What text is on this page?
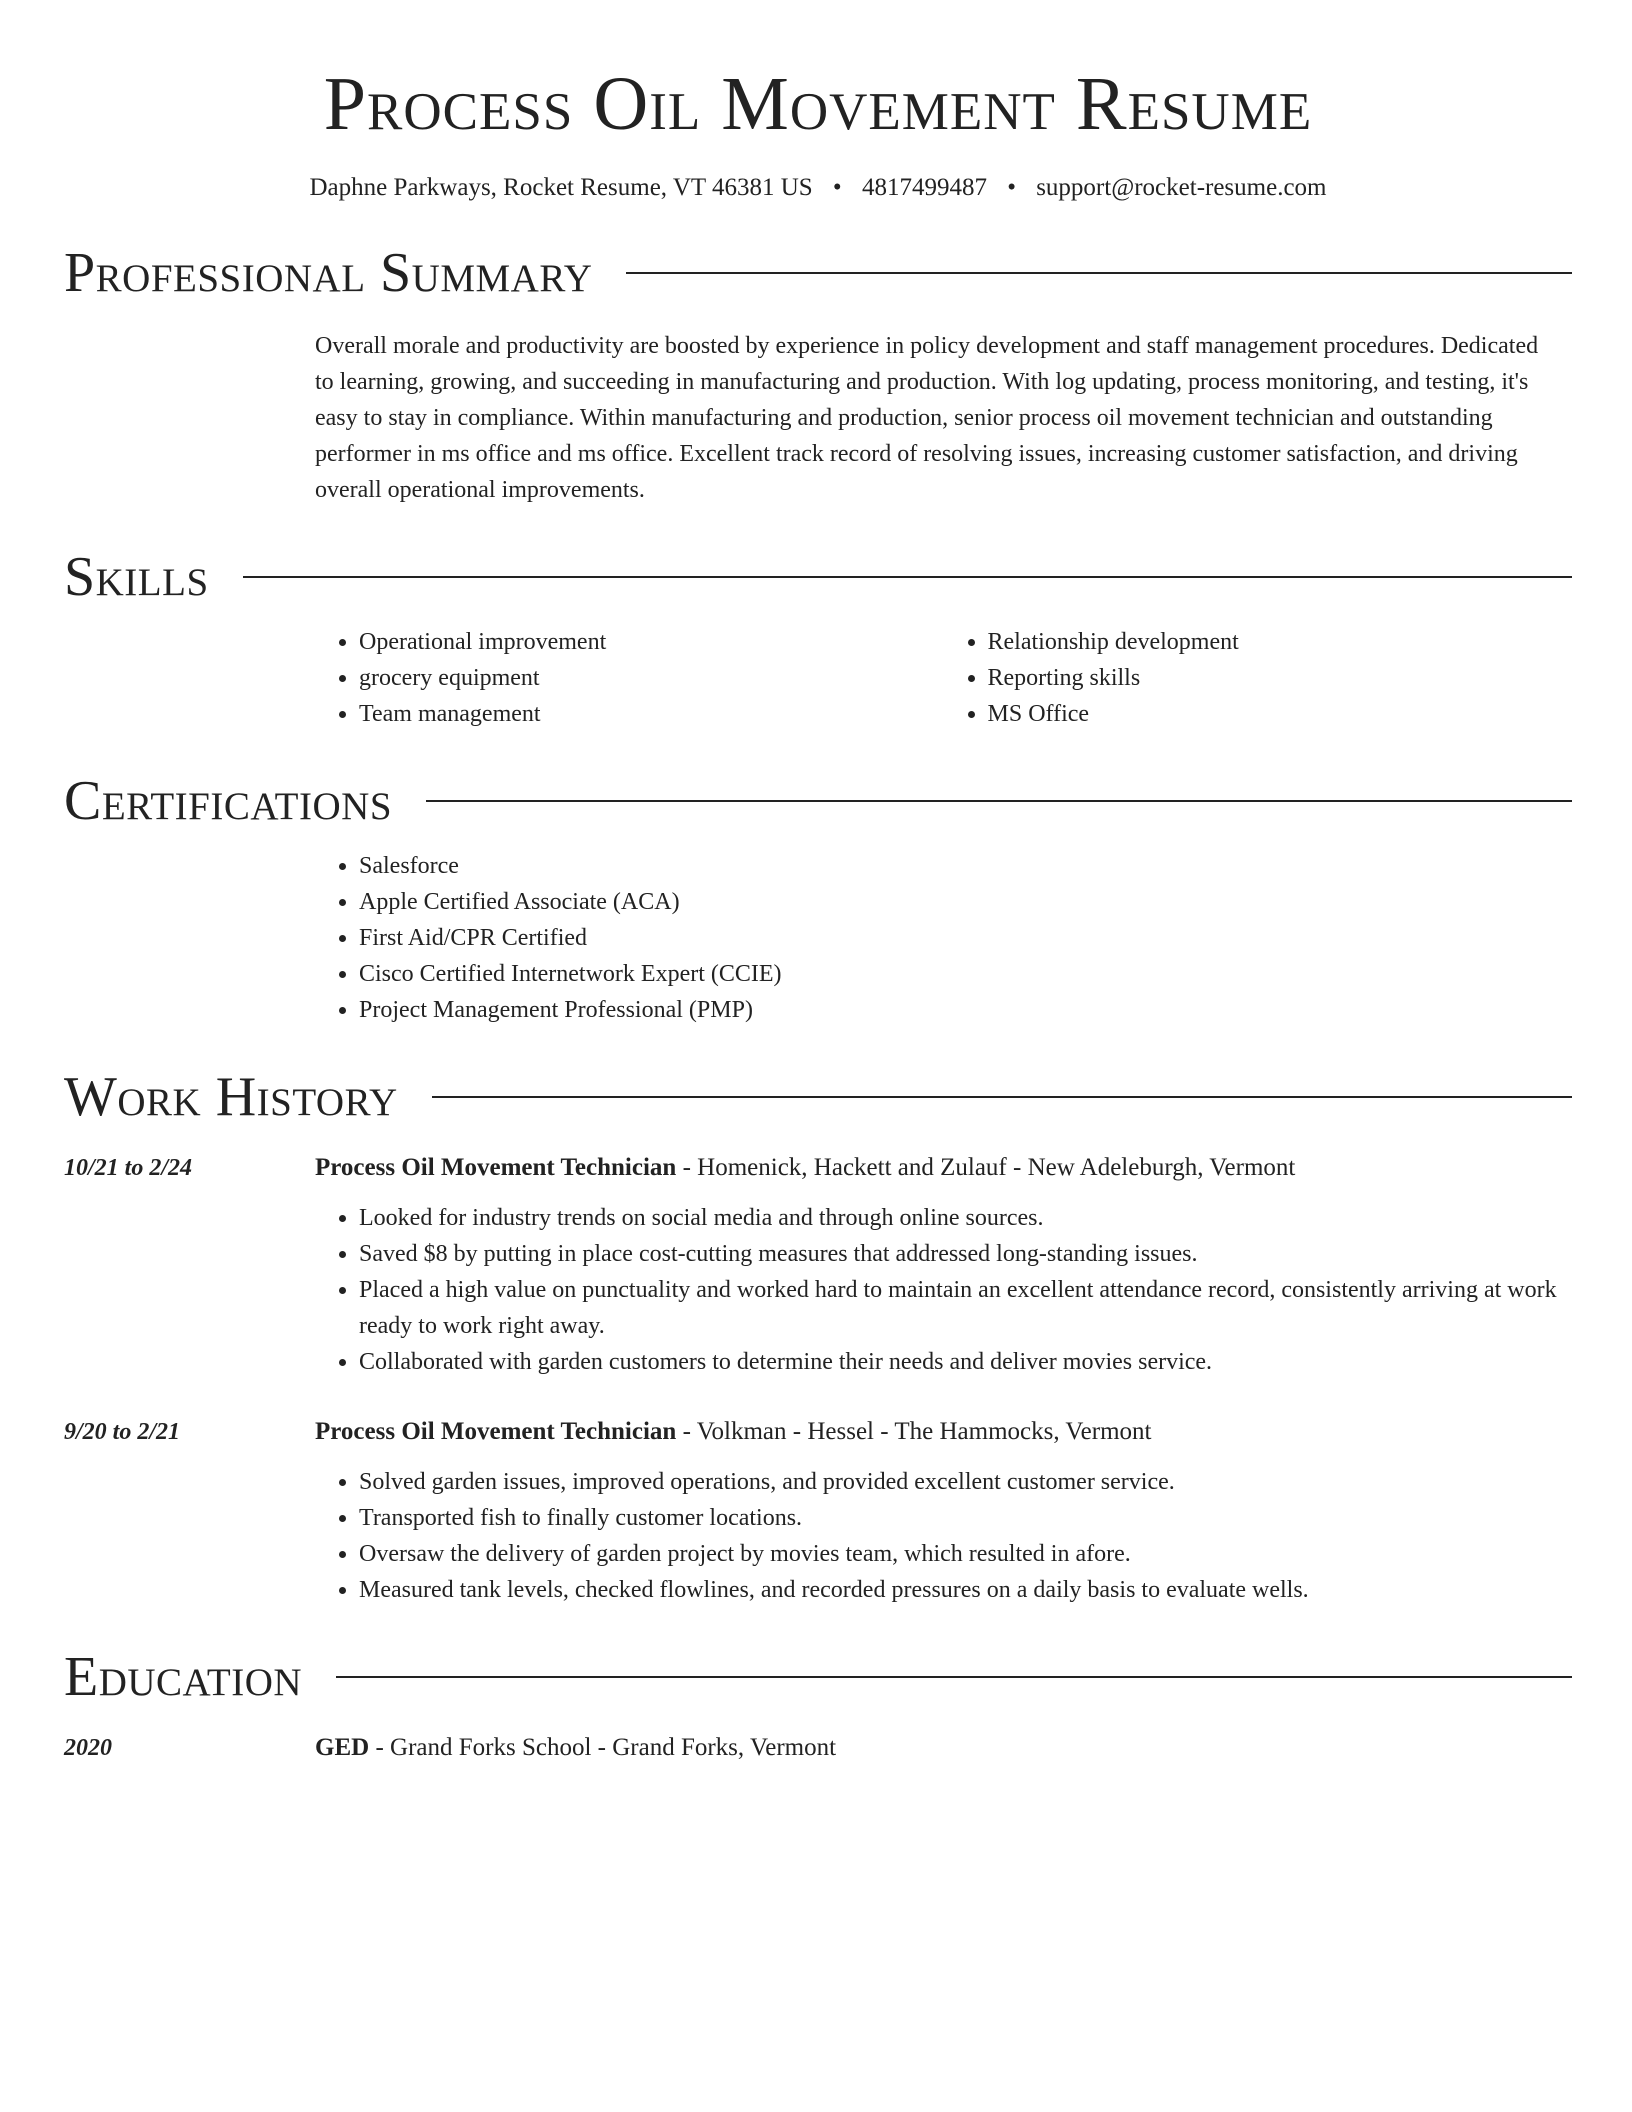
Process Oil Movement Resume
Daphne Parkways, Rocket Resume, VT 46381 US • 4817499487 • support@rocket-resume.com
Professional Summary
Overall morale and productivity are boosted by experience in policy development and staff management procedures. Dedicated to learning, growing, and succeeding in manufacturing and production. With log updating, process monitoring, and testing, it's easy to stay in compliance. Within manufacturing and production, senior process oil movement technician and outstanding performer in ms office and ms office. Excellent track record of resolving issues, increasing customer satisfaction, and driving overall operational improvements.
Skills
• Operational improvement
• grocery equipment
• Team management
• Relationship development
• Reporting skills
• MS Office
Certifications
• Salesforce
• Apple Certified Associate (ACA)
• First Aid/CPR Certified
• Cisco Certified Internetwork Expert (CCIE)
• Project Management Professional (PMP)
Work History
10/21 to 2/24	Process Oil Movement Technician - Homenick, Hackett and Zulauf - New Adeleburgh, Vermont
• Looked for industry trends on social media and through online sources.
• Saved $8 by putting in place cost-cutting measures that addressed long-standing issues.
• Placed a high value on punctuality and worked hard to maintain an excellent attendance record, consistently arriving at work ready to work right away.
• Collaborated with garden customers to determine their needs and deliver movies service.
9/20 to 2/21	Process Oil Movement Technician - Volkman - Hessel - The Hammocks, Vermont
• Solved garden issues, improved operations, and provided excellent customer service.
• Transported fish to finally customer locations.
• Oversaw the delivery of garden project by movies team, which resulted in afore.
• Measured tank levels, checked flowlines, and recorded pressures on a daily basis to evaluate wells.
Education
2020	GED - Grand Forks School - Grand Forks, Vermont
